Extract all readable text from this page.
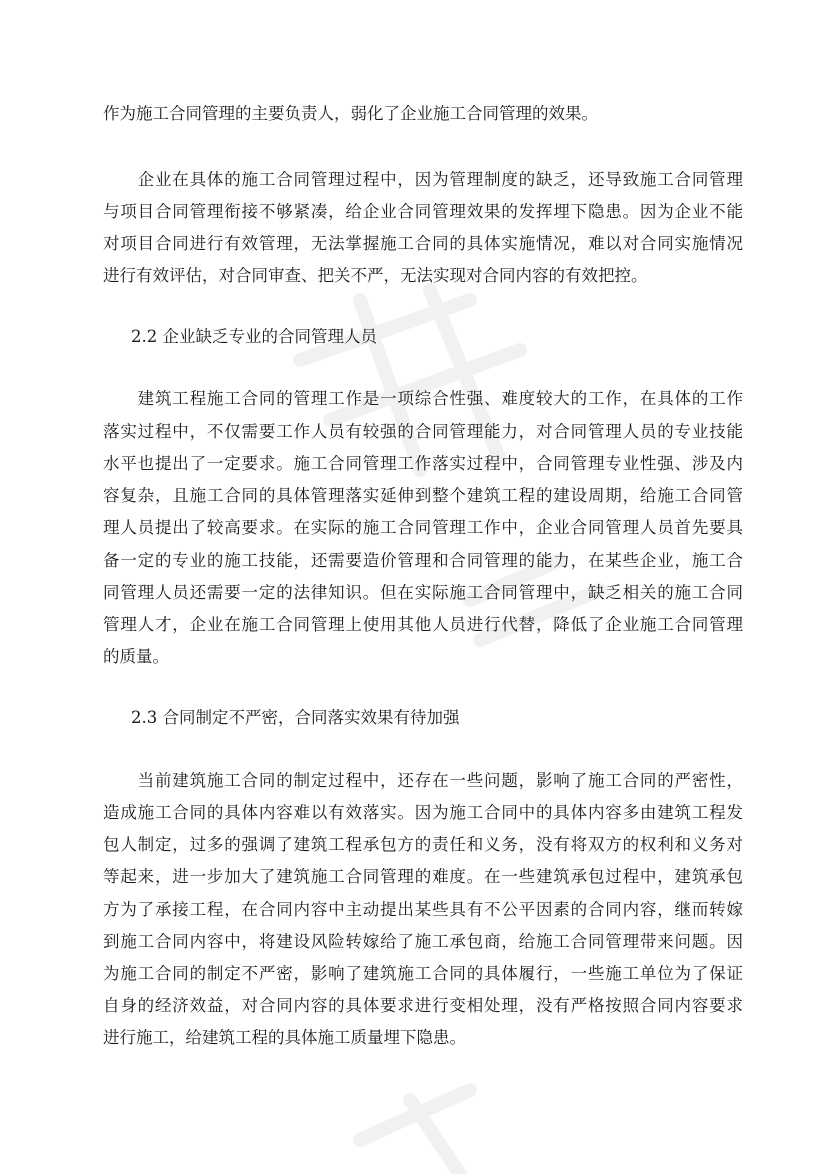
作为施工合同管理的主要负责人，弱化了企业施工合同管理的效果。
　　企业在具体的施工合同管理过程中，因为管理制度的缺乏，还导致施工合同管理
与项目合同管理衔接不够紧凑，给企业合同管理效果的发挥埋下隐患。因为企业不能
对项目合同进行有效管理，无法掌握施工合同的具体实施情况，难以对合同实施情况
进行有效评估，对合同审查、把关不严，无法实现对合同内容的有效把控。
2.2 企业缺乏专业的合同管理人员
　　建筑工程施工合同的管理工作是一项综合性强、难度较大的工作，在具体的工作
落实过程中，不仅需要工作人员有较强的合同管理能力，对合同管理人员的专业技能
水平也提出了一定要求。施工合同管理工作落实过程中，合同管理专业性强、涉及内
容复杂，且施工合同的具体管理落实延伸到整个建筑工程的建设周期，给施工合同管
理人员提出了较高要求。在实际的施工合同管理工作中，企业合同管理人员首先要具
备一定的专业的施工技能，还需要造价管理和合同管理的能力，在某些企业，施工合
同管理人员还需要一定的法律知识。但在实际施工合同管理中，缺乏相关的施工合同
管理人才，企业在施工合同管理上使用其他人员进行代替，降低了企业施工合同管理
的质量。
2.3 合同制定不严密，合同落实效果有待加强
　　当前建筑施工合同的制定过程中，还存在一些问题，影响了施工合同的严密性，
造成施工合同的具体内容难以有效落实。因为施工合同中的具体内容多由建筑工程发
包人制定，过多的强调了建筑工程承包方的责任和义务，没有将双方的权利和义务对
等起来，进一步加大了建筑施工合同管理的难度。在一些建筑承包过程中，建筑承包
方为了承接工程，在合同内容中主动提出某些具有不公平因素的合同内容，继而转嫁
到施工合同内容中，将建设风险转嫁给了施工承包商，给施工合同管理带来问题。因
为施工合同的制定不严密，影响了建筑施工合同的具体履行，一些施工单位为了保证
自身的经济效益，对合同内容的具体要求进行变相处理，没有严格按照合同内容要求
进行施工，给建筑工程的具体施工质量埋下隐患。
